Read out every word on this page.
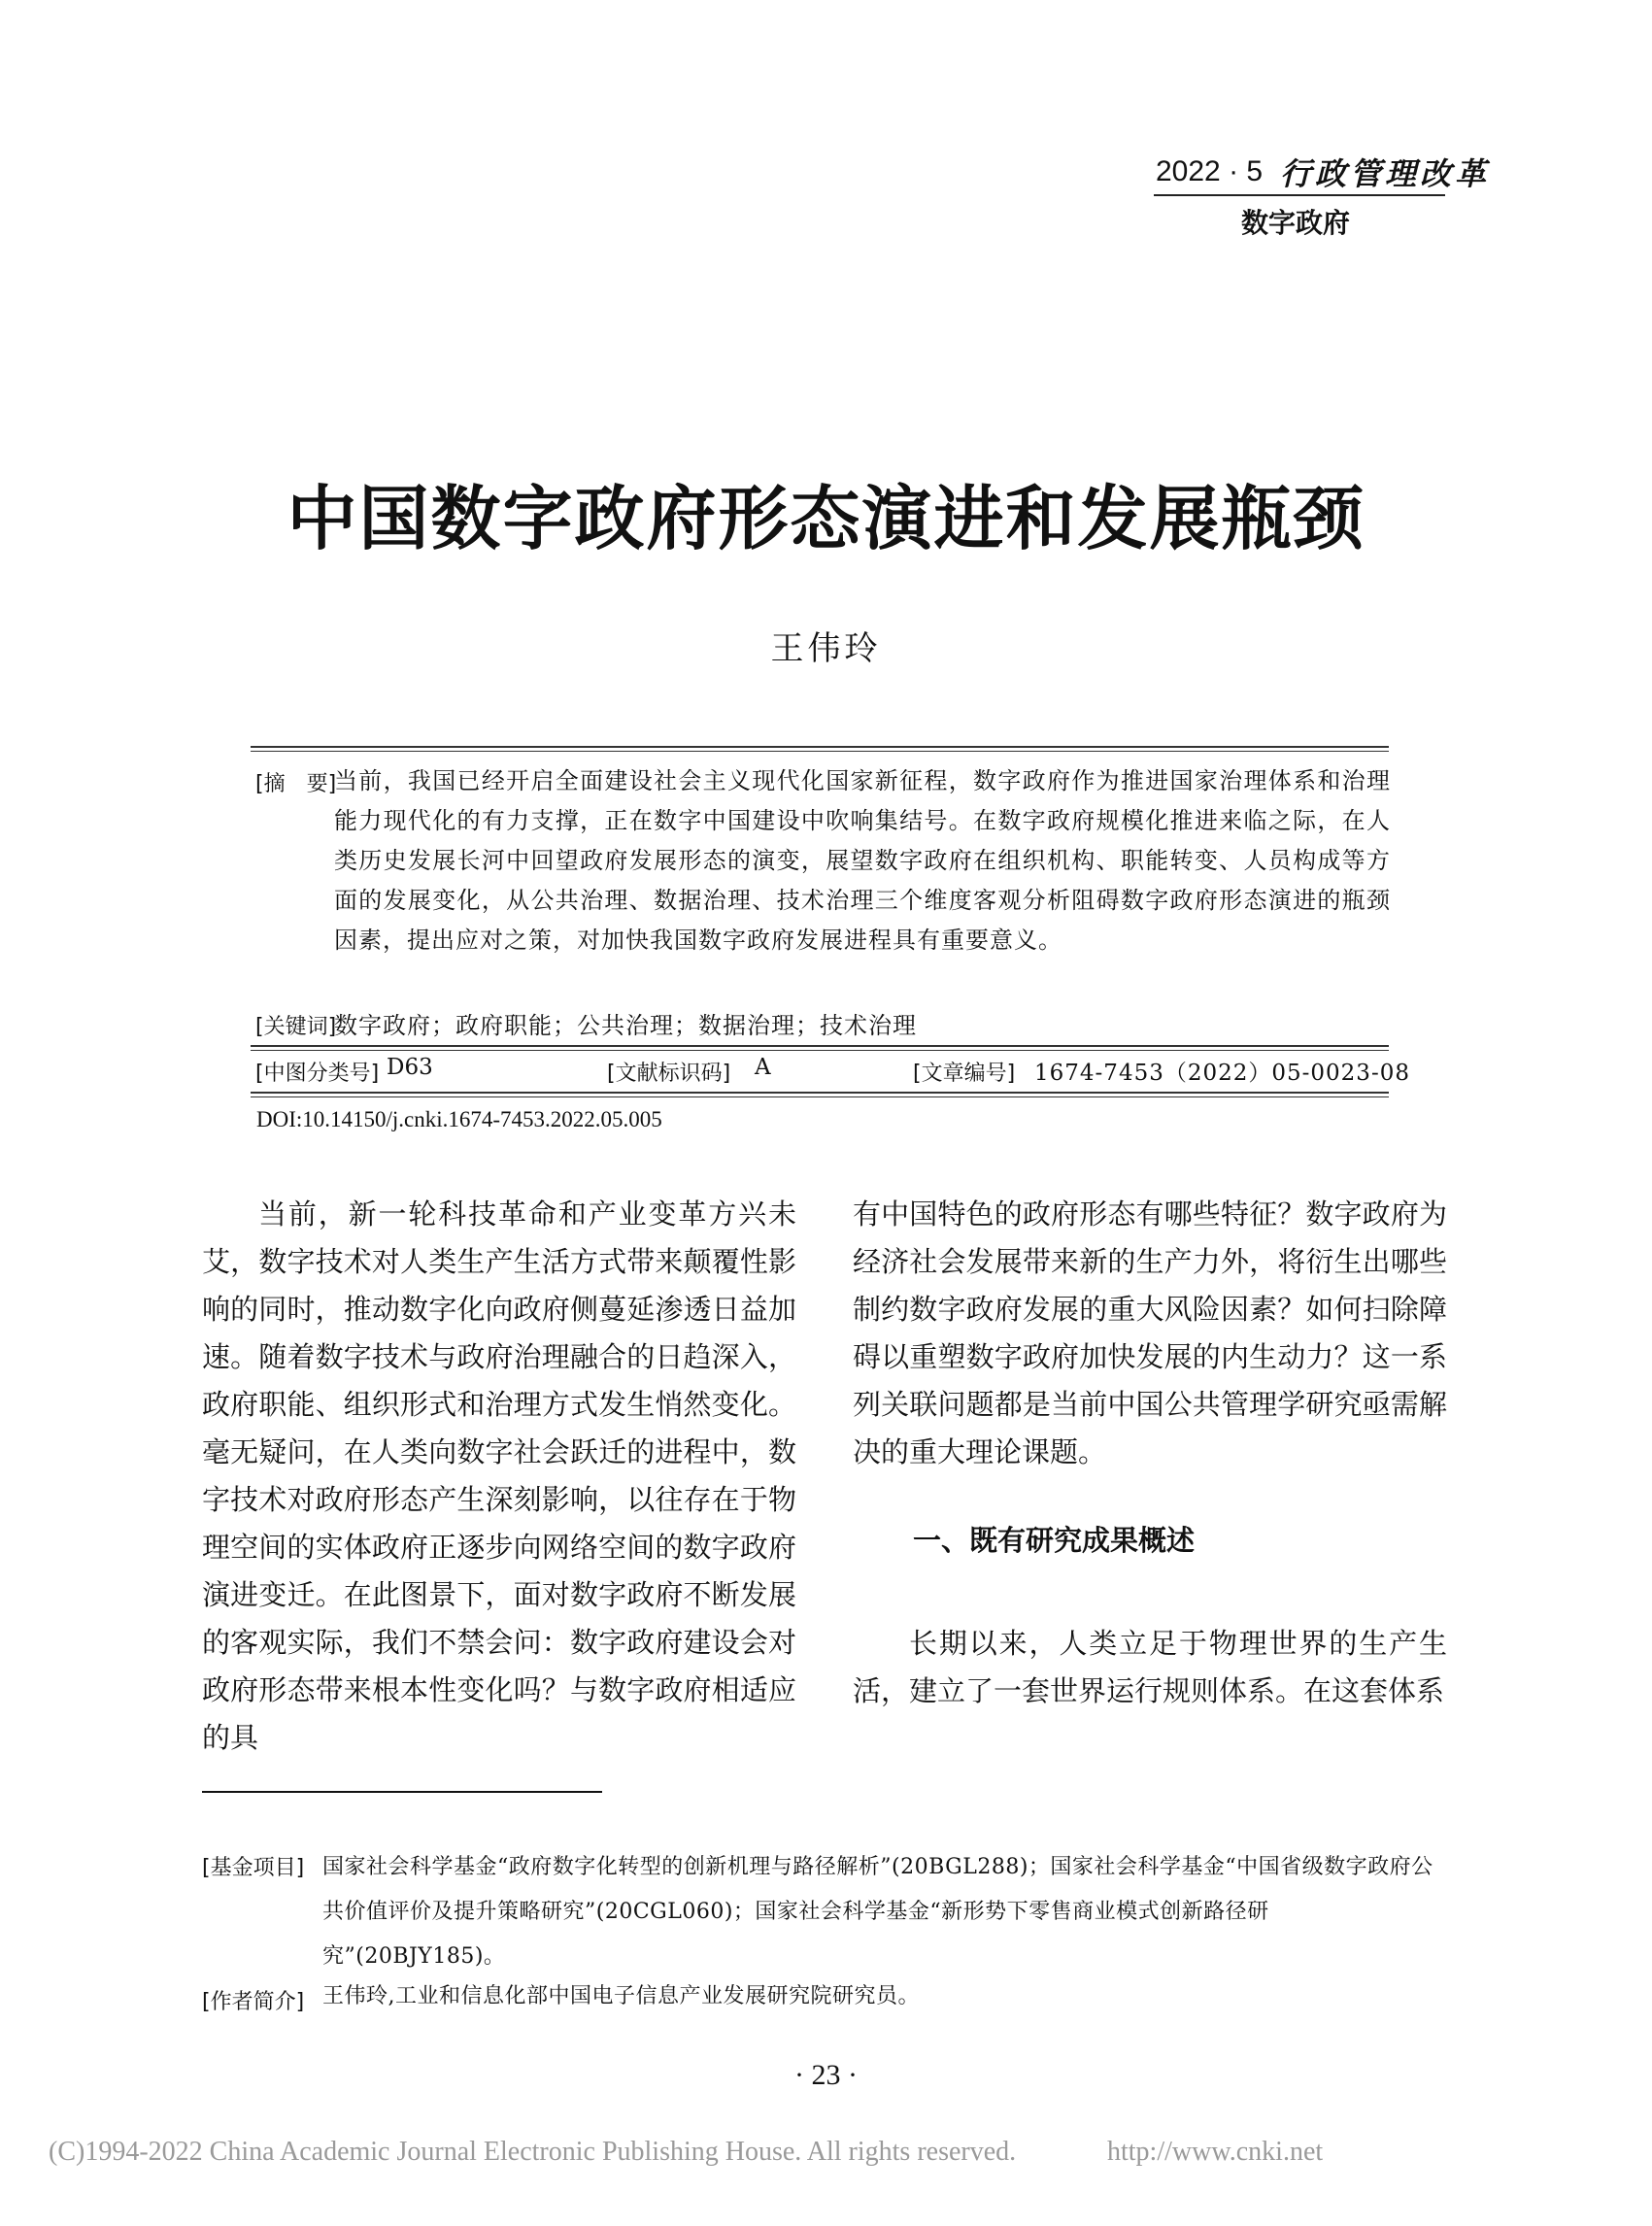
2022 · 5 行政管理改革
数字政府
中国数字政府形态演进和发展瓶颈
王伟玲
[摘　要]
当前，我国已经开启全面建设社会主义现代化国家新征程，数字政府作为推进国家治理体系和治理能力现代化的有力支撑，正在数字中国建设中吹响集结号。在数字政府规模化推进来临之际，在人类历史发展长河中回望政府发展形态的演变，展望数字政府在组织机构、职能转变、人员构成等方面的发展变化，从公共治理、数据治理、技术治理三个维度客观分析阻碍数字政府形态演进的瓶颈因素，提出应对之策，对加快我国数字政府发展进程具有重要意义。
[关键词]
数字政府；政府职能；公共治理；数据治理；技术治理
[中图分类号] D63	[文献标识码] A	[文章编号] 1674-7453（2022）05-0023-08
DOI:10.14150/j.cnki.1674-7453.2022.05.005

当前，新一轮科技革命和产业变革方兴未艾，数字技术对人类生产生活方式带来颠覆性影响的同时，推动数字化向政府侧蔓延渗透日益加速。随着数字技术与政府治理融合的日趋深入，政府职能、组织形式和治理方式发生悄然变化。毫无疑问，在人类向数字社会跃迁的进程中，数字技术对政府形态产生深刻影响，以往存在于物理空间的实体政府正逐步向网络空间的数字政府演进变迁。在此图景下，面对数字政府不断发展的客观实际，我们不禁会问：数字政府建设会对政府形态带来根本性变化吗？与数字政府相适应的具

有中国特色的政府形态有哪些特征？数字政府为经济社会发展带来新的生产力外，将衍生出哪些制约数字政府发展的重大风险因素？如何扫除障碍以重塑数字政府加快发展的内生动力？这一系列关联问题都是当前中国公共管理学研究亟需解决的重大理论课题。

一、既有研究成果概述

长期以来，人类立足于物理世界的生产生活，建立了一套世界运行规则体系。在这套体系

[基金项目] 国家社会科学基金“政府数字化转型的创新机理与路径解析”(20BGL288)；国家社会科学基金“中国省级数字政府公共价值评价及提升策略研究”(20CGL060)；国家社会科学基金“新形势下零售商业模式创新路径研究”(20BJY185)。
[作者简介] 王伟玲,工业和信息化部中国电子信息产业发展研究院研究员。
· 23 ·
(C)1994-2022 China Academic Journal Electronic Publishing House. All rights reserved.	http://www.cnki.net
